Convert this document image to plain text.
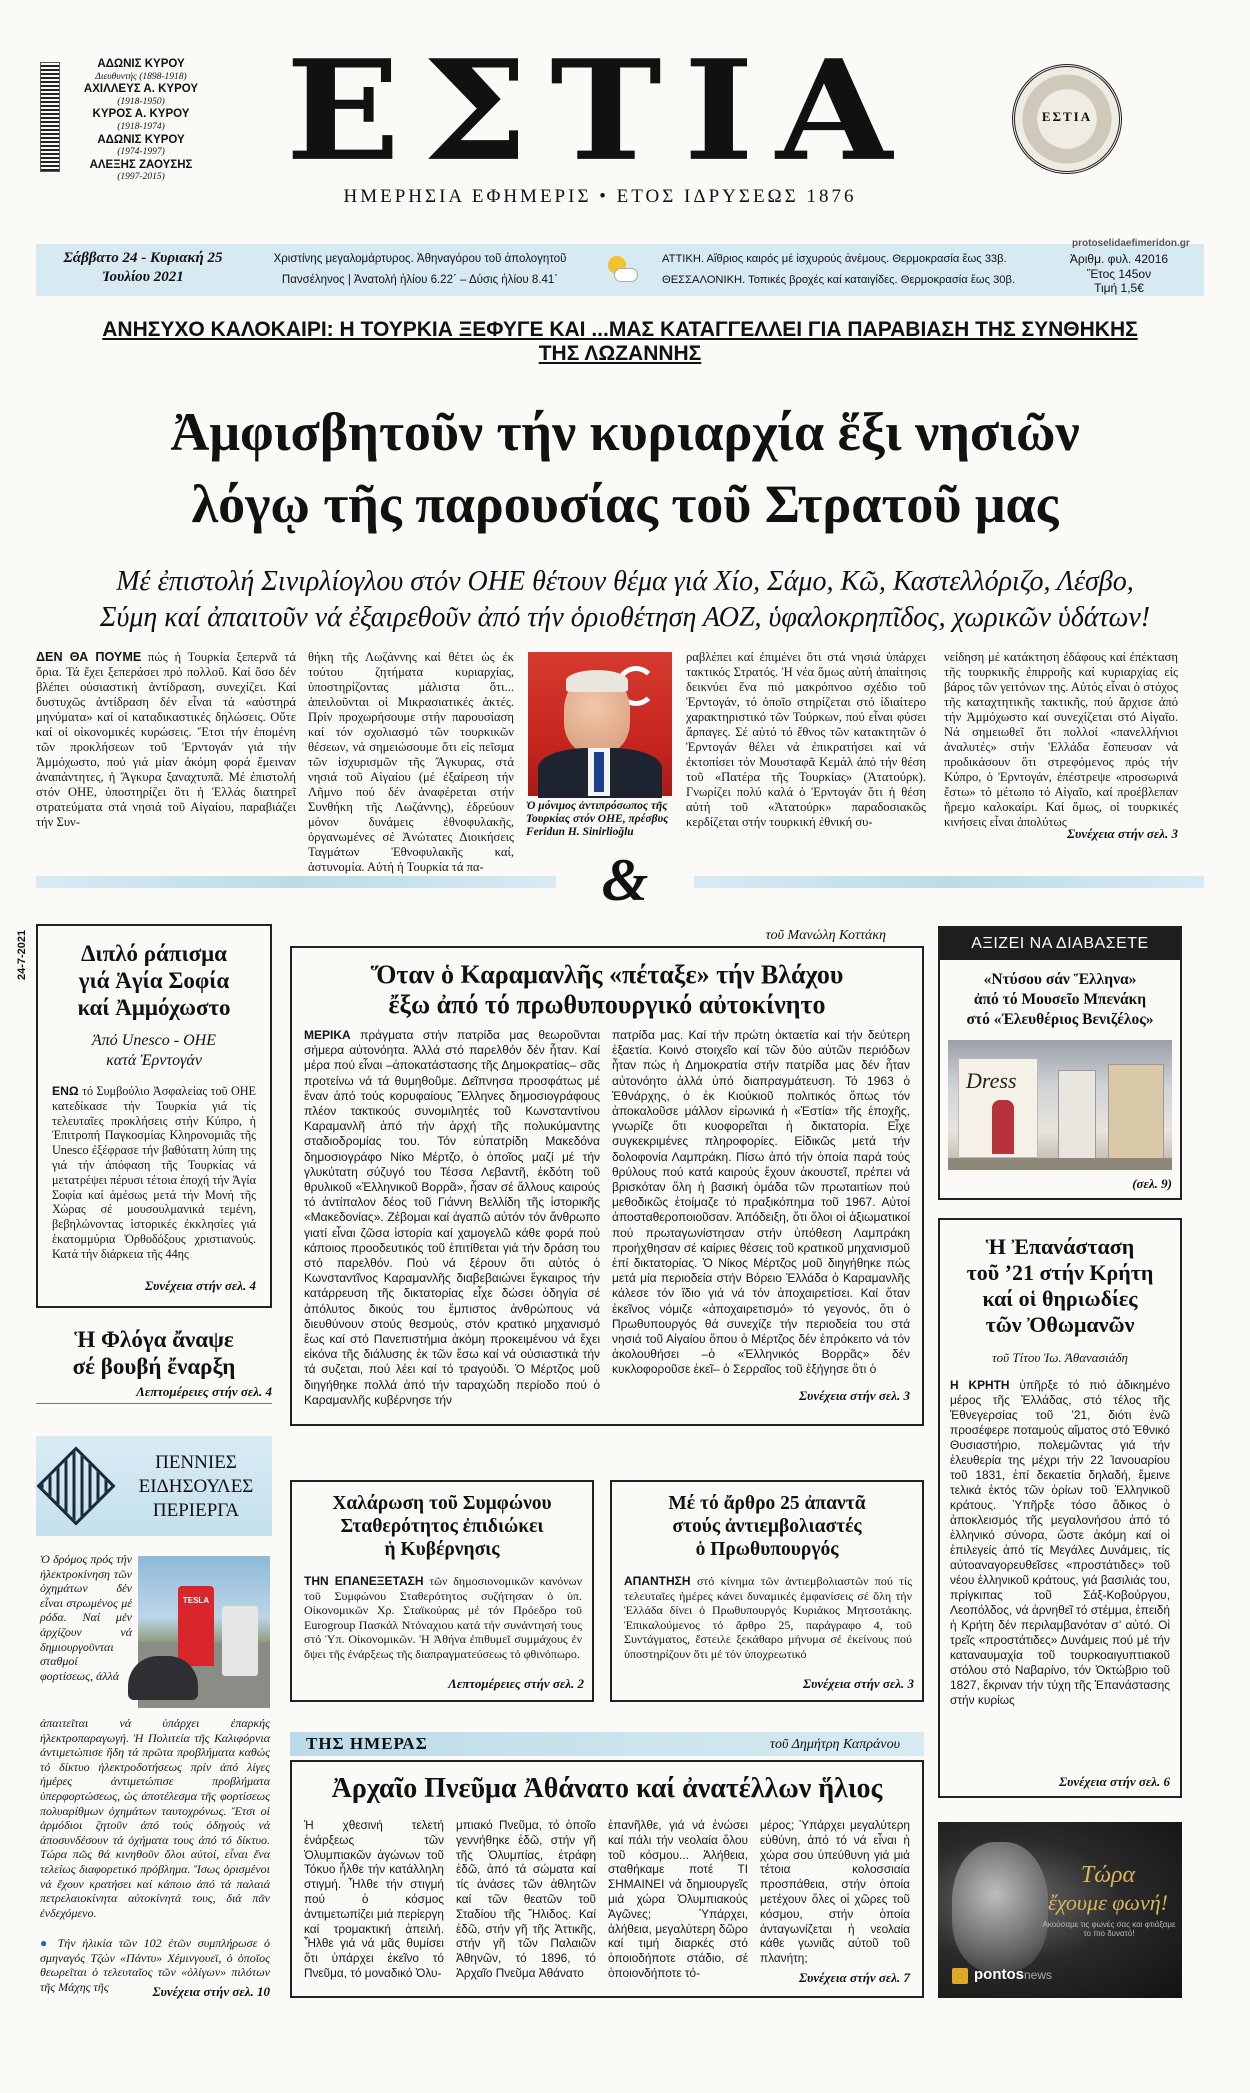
ΑΔΩΝΙΣ ΚΥΡΟΥ
Διευθυντής (1898-1918)
ΑΧΙΛΛΕΥΣ Α. ΚΥΡΟΥ
(1918-1950)
ΚΥΡΟΣ Α. ΚΥΡΟΥ
(1918-1974)
ΑΔΩΝΙΣ ΚΥΡΟΥ
(1974-1997)
ΑΛΕΞΗΣ ΖΑΟΥΣΗΣ
(1997-2015) ΕΣΤΙΑ
ΗΜΕΡΗΣΙΑ ΕΦΗΜΕΡΙΣ • ΕΤΟΣ ΙΔΡΥΣΕΩΣ 1876
ΕΣΤΙΑ
Σάββατο 24 - Κυριακή 25 Ἰουλίου 2021
Χριστίνης μεγαλομάρτυρος. Ἀθηναγόρου τοῦ ἀπολογητοῦ
Πανσέληνος | Ἀνατολή ἡλίου 6.22΄ – Δύσις ἡλίου 8.41΄
ΑΤΤΙΚΗ. Αἴθριος καιρός μέ ἰσχυρούς ἀνέμους. Θερμοκρασία ἕως 33β.
ΘΕΣΣΑΛΟΝΙΚΗ. Τοπικές βροχές καί καταιγίδες. Θερμοκρασία ἕως 30β.
protoselidaefimeridon.gr
Ἀριθμ. φυλ. 42016
Ἔτος 145ον
Τιμή 1,5€
ΑΝΗΣΥΧΟ ΚΑΛΟΚΑΙΡΙ: Η ΤΟΥΡΚΙΑ ΞΕΦΥΓΕ ΚΑΙ ...ΜΑΣ ΚΑΤΑΓΓΕΛΛΕΙ ΓΙΑ ΠΑΡΑΒΙΑΣΗ ΤΗΣ ΣΥΝΘΗΚΗΣ ΤΗΣ ΛΩΖΑΝΝΗΣ
Ἀμφισβητοῦν τήν κυριαρχία ἕξι νησιῶν
λόγῳ τῆς παρουσίας τοῦ Στρατοῦ μας
Μέ ἐπιστολή Σινιρλίογλου στόν ΟΗΕ θέτουν θέμα γιά Χίο, Σάμο, Κῶ, Καστελλόριζο, Λέσβο,
Σύμη καί ἀπαιτοῦν νά ἐξαιρεθοῦν ἀπό τήν ὁριοθέτηση ΑΟΖ, ὑφαλοκρηπῖδος, χωρικῶν ὑδάτων!
ΔΕΝ ΘΑ ΠΟΥΜΕ πώς ἡ Τουρκία ξεπερνᾶ τά ὅρια. Τά ἔχει ξεπεράσει πρό πολλοῦ. Καί ὅσο δέν βλέπει οὐσιαστική ἀντίδραση, συνεχίζει. Καί δυστυχῶς ἀντίδραση δέν εἶναι τά «αὐστηρά μηνύματα» καί οἱ καταδικαστικές δηλώσεις. Οὔτε καί οἱ οἰκονομικές κυρώσεις. Ἔτσι τήν ἑπομένη τῶν προκλήσεων τοῦ Ἐρντογάν γιά τήν Ἀμμόχωστο, πού γιά μίαν ἀκόμη φορά ἔμειναν ἀναπάντητες, ἡ Ἄγκυρα ξαναχτυπᾶ. Μέ ἐπιστολή στόν ΟΗΕ, ὑποστηρίζει ὅτι ἡ Ἑλλάς διατηρεῖ στρατεύματα στά νησιά τοῦ Αἰγαίου, παραβιάζει τήν Συν-
θήκη τῆς Λωζάννης καί θέτει ὡς ἐκ τούτου ζητήματα κυριαρχίας, ὑποστηρίζοντας μάλιστα ὅτι... ἀπειλοῦνται οἱ Μικρασιατικές ἀκτές. Πρίν προχωρήσουμε στήν παρουσίαση καί τόν σχολιασμό τῶν τουρκικῶν θέσεων, νά σημειώσουμε ὅτι εἰς πεῖσμα τῶν ἰσχυρισμῶν τῆς Ἄγκυρας, στά νησιά τοῦ Αἰγαίου (μέ ἐξαίρεση τήν Λῆμνο πού δέν ἀναφέρεται στήν Συνθήκη τῆς Λωζάννης), ἑδρεύουν μόνον δυνάμεις ἐθνοφυλακῆς, ὀργανωμένες σέ Ἀνώτατες Διοικήσεις Ταγμάτων Ἐθνοφυλακῆς καί, ἀστυνομία. Αὐτή ἡ Τουρκία τά πα-
Ὁ μόνιμος ἀντιπρόσωπος τῆς Τουρκίας στόν ΟΗΕ, πρέσβυς Feridun H. Sinirlioğlu
ραβλέπει καί ἐπιμένει ὅτι στά νησιά ὑπάρχει τακτικός Στρατός. Ἡ νέα ὅμως αὐτή ἀπαίτησις δεικνύει ἕνα πιό μακρόπνοο σχέδιο τοῦ Ἐρντογάν, τό ὁποῖο στηρίζεται στό ἰδιαίτερο χαρακτηριστικό τῶν Τούρκων, πού εἶναι φύσει ἅρπαγες. Σέ αὐτό τό ἔθνος τῶν κατακτητῶν ὁ Ἐρντογάν θέλει νά ἐπικρατήσει καί νά ἐκτοπίσει τόν Μουσταφᾶ Κεμάλ ἀπό τήν θέση τοῦ «Πατέρα τῆς Τουρκίας» (Ἀτατούρκ). Γνωρίζει πολύ καλά ὁ Ἐρντογάν ὅτι ἡ θέση αὐτή τοῦ «Ἀτατούρκ» παραδοσιακῶς κερδίζεται στήν τουρκική ἐθνική συ-
νείδηση μέ κατάκτηση ἐδάφους καί ἐπέκταση τῆς τουρκικῆς ἐπιρροῆς καί κυριαρχίας εἰς βάρος τῶν γειτόνων της. Αὐτός εἶναι ὁ στόχος τῆς καταχτητικῆς τακτικῆς, πού ἄρχισε ἀπό τήν Ἀμμόχωστο καί συνεχίζεται στό Αἰγαῖο. Νά σημειωθεῖ ὅτι πολλοί «πανελλήνιοι ἀναλυτές» στήν Ἑλλάδα ἔσπευσαν νά προδικάσουν ὅτι στρεφόμενος πρός τήν Κύπρο, ὁ Ἐρντογάν, ἐπέστρεψε «προσωρινά ἔστω» τό μέτωπο τό Αἰγαῖο, καί προέβλεπαν ἤρεμο καλοκαίρι. Καί ὅμως, οἱ τουρκικές κινήσεις εἶναι ἀπολύτως
Συνέχεια στήν σελ. 3
&
24-7-2021	Διπλό ράπισμα
γιά Ἁγία Σοφία
καί Ἀμμόχωστο
Ἀπό Unesco - ΟΗΕ
κατά Ἐρντογάν
ΕΝΩ τό Συμβούλιο Ἀσφαλείας τοῦ ΟΗΕ κατεδίκασε τήν Τουρκία γιά τίς τελευταῖες προκλήσεις στήν Κύπρο, ἡ Ἐπιτροπή Παγκοσμίας Κληρονομιᾶς τῆς Unesco ἐξέφρασε τήν βαθύτατη λύπη της γιά τήν ἀπόφαση τῆς Τουρκίας νά μετατρέψει πέρυσι τέτοια ἐποχή τήν Ἁγία Σοφία καί ἀμέσως μετά τήν Μονή τῆς Χώρας σέ μουσουλμανικά τεμένη, βεβηλώνοντας ἱστορικές ἐκκλησίες γιά ἑκατομμύρια Ὀρθοδόξους χριστιανούς. Κατά τήν διάρκεια τῆς 44ης
Συνέχεια στήν σελ. 4
Ἡ Φλόγα ἄναψε
σέ βουβή ἔναρξη
Λεπτομέρειες στήν σελ. 4
ΠΕΝΝΙΕΣ
ΕΙΔΗΣΟΥΛΕΣ
ΠΕΡΙΕΡΓΑ
Ὁ δρόμος πρός τήν ἠλεκτροκίνηση τῶν ὀχημάτων δέν εἶναι στρωμένος μέ ρόδα. Ναί μέν ἀρχίζουν νά δημιουργοῦνται σταθμοί φορτίσεως, ἀλλά
TESLA
ἀπαιτεῖται νά ὑπάρχει ἐπαρκής ἠλεκτροπαραγωγή. Ἡ Πολιτεία τῆς Καλιφόρνια ἀντιμετώπισε ἤδη τά πρῶτα προβλήματα καθώς τό δίκτυο ἠλεκτροδοτήσεως πρίν ἀπό λίγες ἡμέρες ἀντιμετώπισε προβλήματα ὑπερφορτώσεως, ὡς ἀποτέλεσμα τῆς φορτίσεως πολυαρίθμων ὀχημάτων ταυτοχρόνως. Ἔτσι οἱ ἁρμόδιοι ζητοῦν ἀπό τούς ὁδηγούς νά ἀποσυνδέσουν τά ὀχήματα τους ἀπό τό δίκτυο. Τώρα πῶς θά κινηθοῦν ὅλοι αὐτοί, εἶναι ἕνα τελείως διαφορετικό πρόβλημα. Ἴσως ὁρισμένοι νά ἔχουν κρατήσει καί κάποιο ἀπό τά παλαιά πετρελαιοκίνητα αὐτοκίνητά τους, διά πᾶν ἐνδεχόμενο.
● Τήν ἡλικία τῶν 102 ἐτῶν συμπλήρωσε ὁ σμηναγός Τζών «Πάντυ» Χέμινγουεϊ, ὁ ὁποῖος θεωρεῖται ὁ τελευταῖος τῶν «ὀλίγων» πιλότων τῆς Μάχης τῆς	Συνέχεια στήν σελ. 10
τοῦ Μανώλη Κοττάκη
Ὅταν ὁ Καραμανλῆς «πέταξε» τήν Βλάχου
ἔξω ἀπό τό πρωθυπουργικό αὐτοκίνητο
ΜΕΡΙΚΑ πράγματα στήν πατρίδα μας θεωροῦνται σήμερα αὐτονόητα. Ἀλλά στό παρελθόν δέν ἦταν. Καί μέρα πού εἶναι –ἀποκατάστασης τῆς Δημοκρατίας– σᾶς προτείνω νά τά θυμηθοῦμε. Δεῖπνησα προσφάτως μέ ἕναν ἀπό τούς κορυφαίους Ἕλληνες δημοσιογράφους πλέον τακτικούς συνομιλητές τοῦ Κωνσταντίνου Καραμανλῆ ἀπό τήν ἀρχή τῆς πολυκύμαντης σταδιοδρομίας του. Τόν εὐπατρίδη Μακεδόνα δημοσιογράφο Νίκο Μέρτζο, ὁ ὁποῖος μαζί μέ τήν γλυκύτατη σύζυγό του Τέσσα Λεβαντῆ, ἐκδότη τοῦ θρυλικοῦ «Ἑλληνικοῦ Βορρᾶ», ἦσαν σέ ἄλλους καιρούς τό ἀντίπαλον δέος τοῦ Γιάννη Βελλίδη τῆς ἱστορικῆς «Μακεδονίας». Ζέβομαι καί ἀγαπῶ αὐτόν τόν ἄνθρωπο γιατί εἶναι ζῶσα ἱστορία καί χαμογελῶ κάθε φορά πού κάποιος προοδευτικός τοῦ ἐπιτίθεται γιά τήν δράση του στό παρελθόν. Πού νά ξέρουν ὅτι αὐτός ὁ Κωνσταντῖνος Καραμανλῆς διαβεβαιώνει ἔγκαιρος τήν κατάρρευση τῆς δικτατορίας εἶχε δώσει ὁδηγία σέ ἀπόλυτος δικούς του ἔμπιστος ἀνθρώπους νά διευθύνουν στούς θεσμούς, στόν κρατικό μηχανισμό ἔως καί στό Πανεπιστήμια ἀκόμη προκειμένου νά ἔχει εἰκόνα τῆς διάλυσης ἐκ τῶν ἔσω καί νά οὐσιαστικά τήν τά συζεται, πού λέει καί τό τραγούδι. Ὁ Μέρτζος μοῦ διηγήθηκε πολλά ἀπό τήν ταραχώδη περίοδο πού ὁ Καραμανλῆς κυβέρνησε τήν
πατρίδα μας. Καί τήν πρώτη ὀκταετία καί τήν δεύτερη ἑξαετία. Κοινό στοιχεῖο καί τῶν δύο αὐτῶν περιόδων ἦταν πώς ἡ Δημοκρατία στήν πατρίδα μας δέν ἦταν αὐτονόητο ἀλλά ὑπό διαπραγμάτευση. Τό 1963 ὁ Ἐθνάρχης, ὁ ἐκ Κιούκιοῦ πολιτικός ὅπως τόν ἀποκαλοῦσε μάλλον εἰρωνικά ἡ «Ἑστία» τῆς ἐποχῆς, γνωρίζε ὅτι κυοφορεῖται ἡ δικτατορία. Εἶχε συγκεκριμένες πληροφορίες. Εἰδικῶς μετά τήν δολοφονία Λαμπράκη. Πίσω ἀπό τήν ὁποία παρά τούς θρύλους πού κατά καιρούς ἔχουν ἀκουστεῖ, πρέπει νά βρισκόταν ὅλη ἡ βασική ὁμάδα τῶν πρωταιτίων πού μεθοδικῶς ἑτοίμαζε τό πραξικόπημα τοῦ 1967. Αὐτοί ἀποσταθεροποιοῦσαν. Ἀπόδειξη, ὅτι ὅλοι οἱ ἀξιωματικοί πού πρωταγωνίστησαν στήν ὑπόθεση Λαμπράκη προήχθησαν σέ καίριες θέσεις τοῦ κρατικοῦ μηχανισμοῦ ἐπί δικτατορίας. Ὁ Νίκος Μέρτζος μοῦ διηγήθηκε πώς μετά μία περιοδεία στήν Βόρειο Ἑλλάδα ὁ Καραμανλῆς κάλεσε τόν ἴδιο γιά νά τόν ἀποχαιρετίσει. Καί ὅταν ἐκεῖνος νόμιζε «ἀποχαιρετισμό» τό γεγονός, ὅτι ὁ Πρωθυπουργός θά συνεχίζε τήν περιοδεία του στά νησιά τοῦ Αἰγαίου ὅπου ὁ Μέρτζος δέν ἐπρόκειτο νά τόν ἀκολουθήσει –ὁ «Ἑλληνικός Βορρᾶς» δέν κυκλοφοροῦσε ἐκεῖ– ὁ Σερραῖος τοῦ ἐξήγησε ὅτι ὁ
Συνέχεια στήν σελ. 3
Χαλάρωση τοῦ Συμφώνου
Σταθερότητος ἐπιδιώκει
ἡ Κυβέρνησις
ΤΗΝ ΕΠΑΝΕΞΕΤΑΣΗ τῶν δημοσιονομικῶν κανόνων τοῦ Συμφώνου Σταθερότητος συζήτησαν ὁ ὑπ. Οἰκονομικῶν Χρ. Σταϊκούρας μέ τόν Πρόεδρο τοῦ Eurogroup Πασκάλ Ντόναχιου κατά τήν συνάντησή τους στό Ὑπ. Οἰκονομικῶν. Ἡ Ἀθήνα ἐπιθυμεῖ συμμάχους ἐν ὄψει τῆς ἐνάρξεως τῆς διαπραγματεύσεως τό φθινόπωρο.
Λεπτομέρειες στήν σελ. 2
Μέ τό ἄρθρο 25 ἀπαντᾶ
στούς ἀντιεμβολιαστές
ὁ Πρωθυπουργός
ΑΠΑΝΤΗΣΗ στό κίνημα τῶν ἀντιεμβολιαστῶν πού τίς τελευταῖες ἡμέρες κάνει δυναμικές ἐμφανίσεις σέ ὅλη τήν Ἑλλάδα δίνει ὁ Πρωθυπουργός Κυριάκος Μητσοτάκης. Ἐπικαλούμενος τό ἄρθρο 25, παράγραφο 4, τοῦ Συντάγματος, ἔστειλε ξεκάθαρο μήνυμα σέ ἐκείνους πού ὑποστηρίζουν ὅτι μέ τόν ὑποχρεωτικό
Συνέχεια στήν σελ. 3
ΤΗΣ ΗΜΕΡΑΣ	τοῦ Δημήτρη Καπράνου
Ἀρχαῖο Πνεῦμα Ἀθάνατο καί ἀνατέλλων ἥλιος
Ἡ χθεσινή τελετή ἐνάρξεως τῶν Ὀλυμπιακῶν ἀγώνων τοῦ Τόκυο ἦλθε τήν κατάλληλη στιγμή. Ἦλθε τήν στιγμή πού ὁ κόσμος ἀντιμετωπίζει μιά περίεργη καί τρομακτική ἀπειλή. Ἦλθε γιά νά μᾶς θυμίσει ὅτι ὑπάρχει ἐκεῖνο τό Πνεῦμα, τό μοναδικό Ὀλυ-
μπιακό Πνεῦμα, τό ὁποῖο γεννήθηκε ἐδῶ, στήν γῆ τῆς Ὀλυμπίας, ἐτράφη ἐδῶ, ἀπό τά σώματα καί τίς ἀνάσες τῶν ἀθλητῶν καί τῶν θεατῶν τοῦ Σταδίου τῆς Ἥλιδος. Καί ἐδῶ, στήν γῆ τῆς Ἀττικῆς, στήν γῆ τῶν Παλαιῶν Ἀθηνῶν, τό 1896, τό Ἀρχαῖο Πνεῦμα Ἀθάνατο
ἐπανῆλθε, γιά νά ἑνώσει καί πάλι τήν νεολαία ὅλου τοῦ κόσμου... Ἀλήθεια, σταθήκαμε ποτέ ΤΙ ΣΗΜΑΙΝΕΙ νά δημιουργεῖς μιά χώρα Ὀλυμπιακούς Ἀγῶνες; Ὑπάρχει, ἀλήθεια, μεγαλύτερη δῶρο καί τιμή διαρκές στό ὁποιοδήποτε στάδιο, σέ ὁποιονδήποτε τό-
μέρος; Ὑπάρχει μεγαλύτερη εὐθύνη, ἀπό τό νά εἶναι ἡ χώρα σου ὑπεύθυνη γιά μιά τέτοια κολοσσιαία προσπάθεια, στήν ὁποία μετέχουν ὅλες οἱ χῶρες τοῦ κόσμου, στήν ὁποία ἀνταγωνίζεται ἡ νεολαία κάθε γωνιᾶς αὐτοῦ τοῦ πλανήτη;
Συνέχεια στήν σελ. 7
ΑΞΙΖΕΙ ΝΑ ΔΙΑΒΑΣΕΤΕ
«Ντύσου σάν Ἕλληνα»
ἀπό τό Μουσεῖο Μπενάκη
στό «Ἐλευθέριος Βενιζέλος»
Dress
(σελ. 9)
Ἡ Ἐπανάσταση
τοῦ ’21 στήν Κρήτη
καί οἱ θηριωδίες
τῶν Ὀθωμανῶν
τοῦ Τίτου Ἰω. Ἀθανασιάδη
Η ΚΡΗΤΗ ὑπῆρξε τό πιό ἀδικημένο μέρος τῆς Ἑλλάδας, στό τέλος τῆς Ἐθνεγερσίας τοῦ ’21, διότι ἐνῶ προσέφερε ποταμούς αἵματος στό Ἐθνικό Θυσιαστήριο, πολεμῶντας γιά τήν ἐλευθερία της μέχρι τήν 22 Ἰανουαρίου τοῦ 1831, ἐπί δεκαετία δηλαδή, ἔμεινε τελικά ἐκτός τῶν ὁρίων τοῦ Ἑλληνικοῦ κράτους. Ὑπῆρξε τόσο ἄδικος ὁ ἀποκλεισμός τῆς μεγαλονήσου ἀπό τό ἑλληνικό σύνορα, ὥστε ἀκόμη καί οἱ ἐπιλεγείς ἀπό τίς Μεγάλες Δυνάμεις, τίς αὐτοαναγορευθεῖσες «προστάτιδες» τοῦ νέου ἑλληνικοῦ κράτους, γιά βασιλιάς του, πρίγκιπας τοῦ Σάξ-Κοβούργου, Λεοπόλδος, νά ἀρνηθεῖ τό στέμμα, ἐπειδή ἡ Κρήτη δέν περιλαμβανόταν σ’ αὐτό. Οἱ τρεῖς «προστάτιδες» Δυνάμεις πού μέ τήν καταναυμαχία τοῦ τουρκοαιγυπτιακοῦ στόλου στό Ναβαρίνο, τόν Ὀκτώβριο τοῦ 1827, ἔκριναν τήν τύχη τῆς Ἐπανάστασης στήν κυρίως
Συνέχεια στήν σελ. 6
Τώρα
ἔχουμε φωνή!
Ακούσαμε τις φωνές σας και φτιάξαμε το πιο δυνατό!
pontosnews
